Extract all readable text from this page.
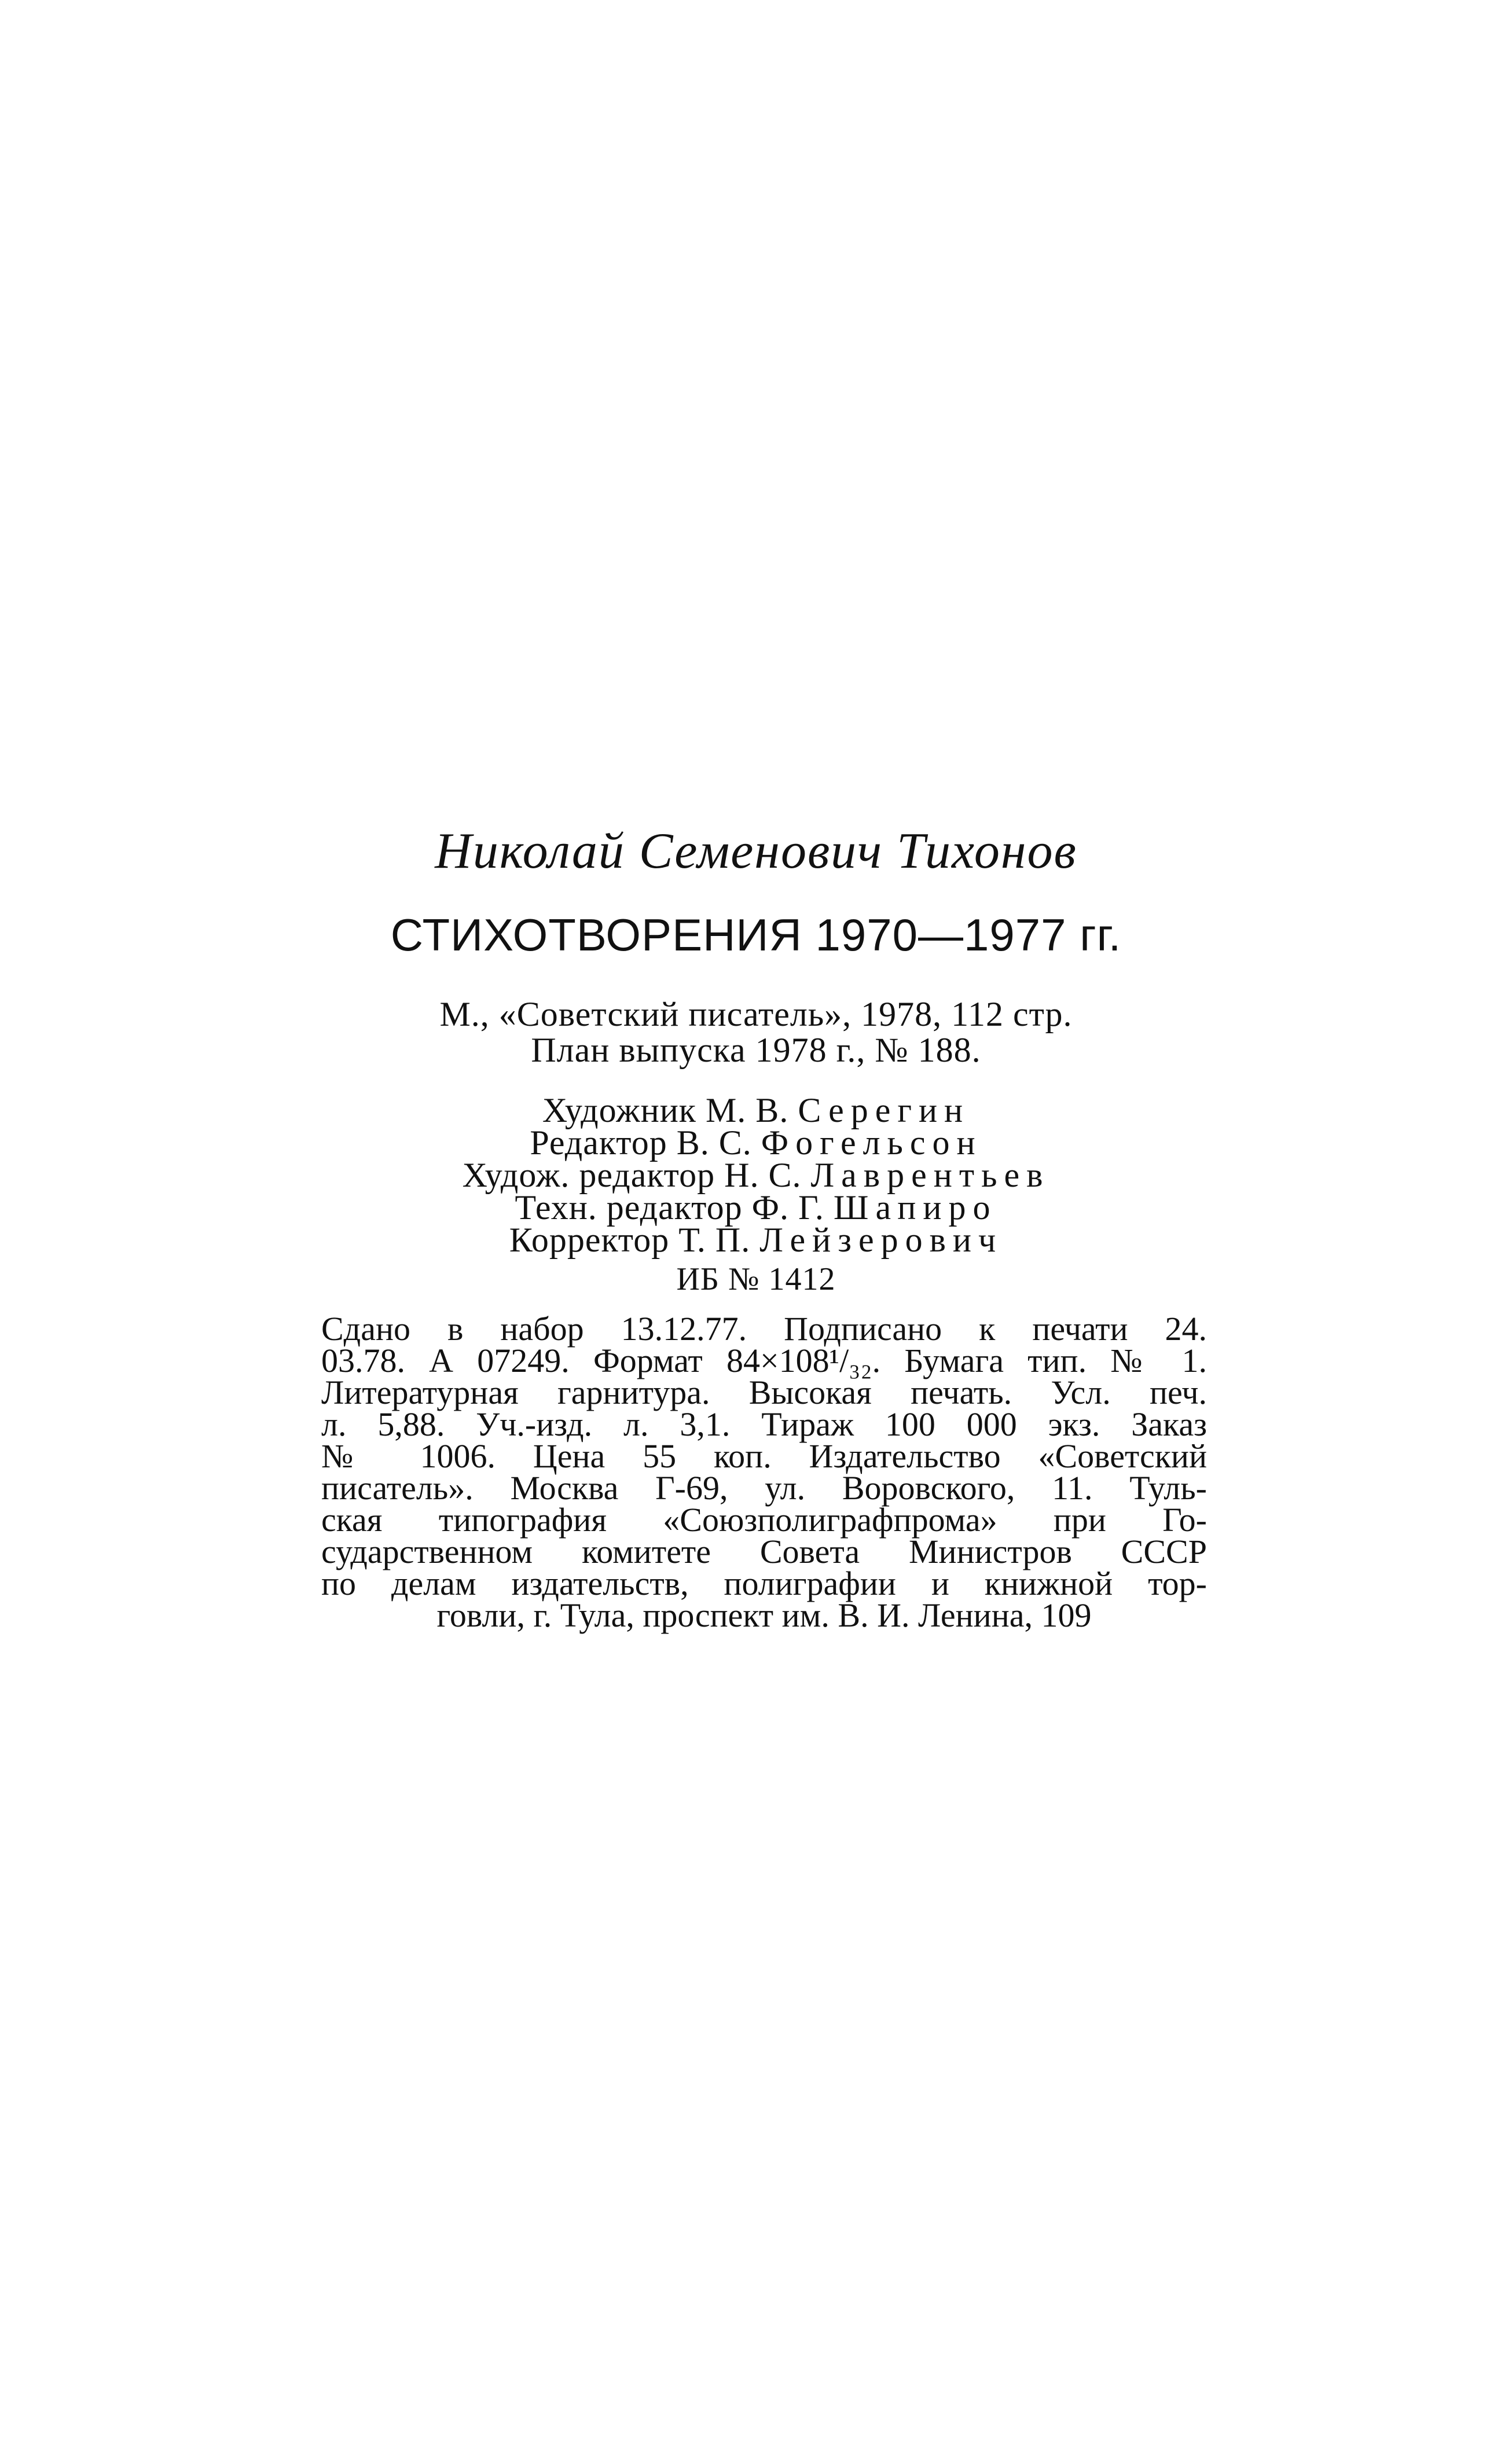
Николай Семенович Тихонов
СТИХОТВОРЕНИЯ 1970—1977 гг.
М., «Советский писатель», 1978, 112 стр.
План выпуска 1978 г., № 188.
Художник М. В. Серегин
Редактор В. С. Фогельсон
Худож. редактор Н. С. Лаврентьев
Техн. редактор Ф. Г. Шапиро
Корректор Т. П. Лейзерович
ИБ № 1412
Сдано в набор 13.12.77. Подписано к печати 24.
03.78. А 07249. Формат 84×108¹/₃₂. Бумага тип. № 1.
Литературная гарнитура. Высокая печать. Усл. печ.
л. 5,88. Уч.-изд. л. 3,1. Тираж 100 000 экз. Заказ
№ 1006. Цена 55 коп. Издательство «Советский
писатель». Москва Г-69, ул. Воровского, 11. Туль-
ская типография «Союзполиграфпрома» при Го-
сударственном комитете Совета Министров СССР
по делам издательств, полиграфии и книжной тор-
говли, г. Тула, проспект им. В. И. Ленина, 109
